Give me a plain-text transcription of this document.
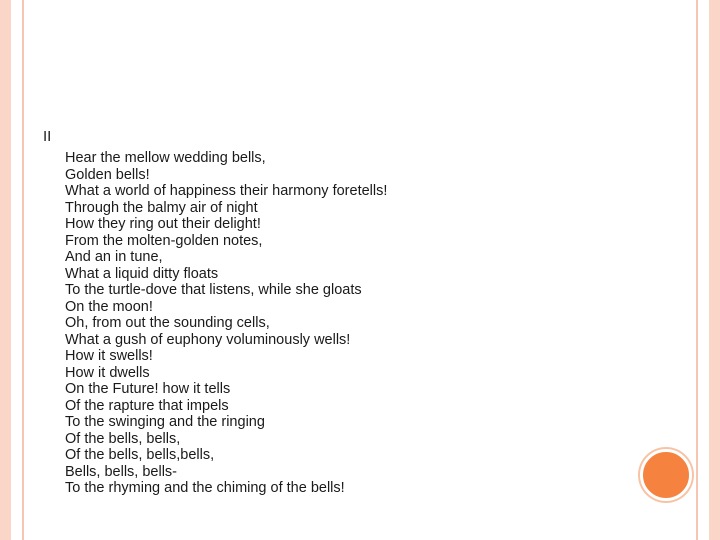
II
Hear the mellow wedding bells,
Golden bells!
What a world of happiness their harmony foretells!
Through the balmy air of night
How they ring out their delight!
From the molten-golden notes,
And an in tune,
What a liquid ditty floats
To the turtle-dove that listens, while she gloats
On the moon!
Oh, from out the sounding cells,
What a gush of euphony voluminously wells!
How it swells!
How it dwells
On the Future! how it tells
Of the rapture that impels
To the swinging and the ringing
Of the bells, bells,
Of the bells, bells,bells,
Bells, bells, bells-
To the rhyming and the chiming of the bells!
